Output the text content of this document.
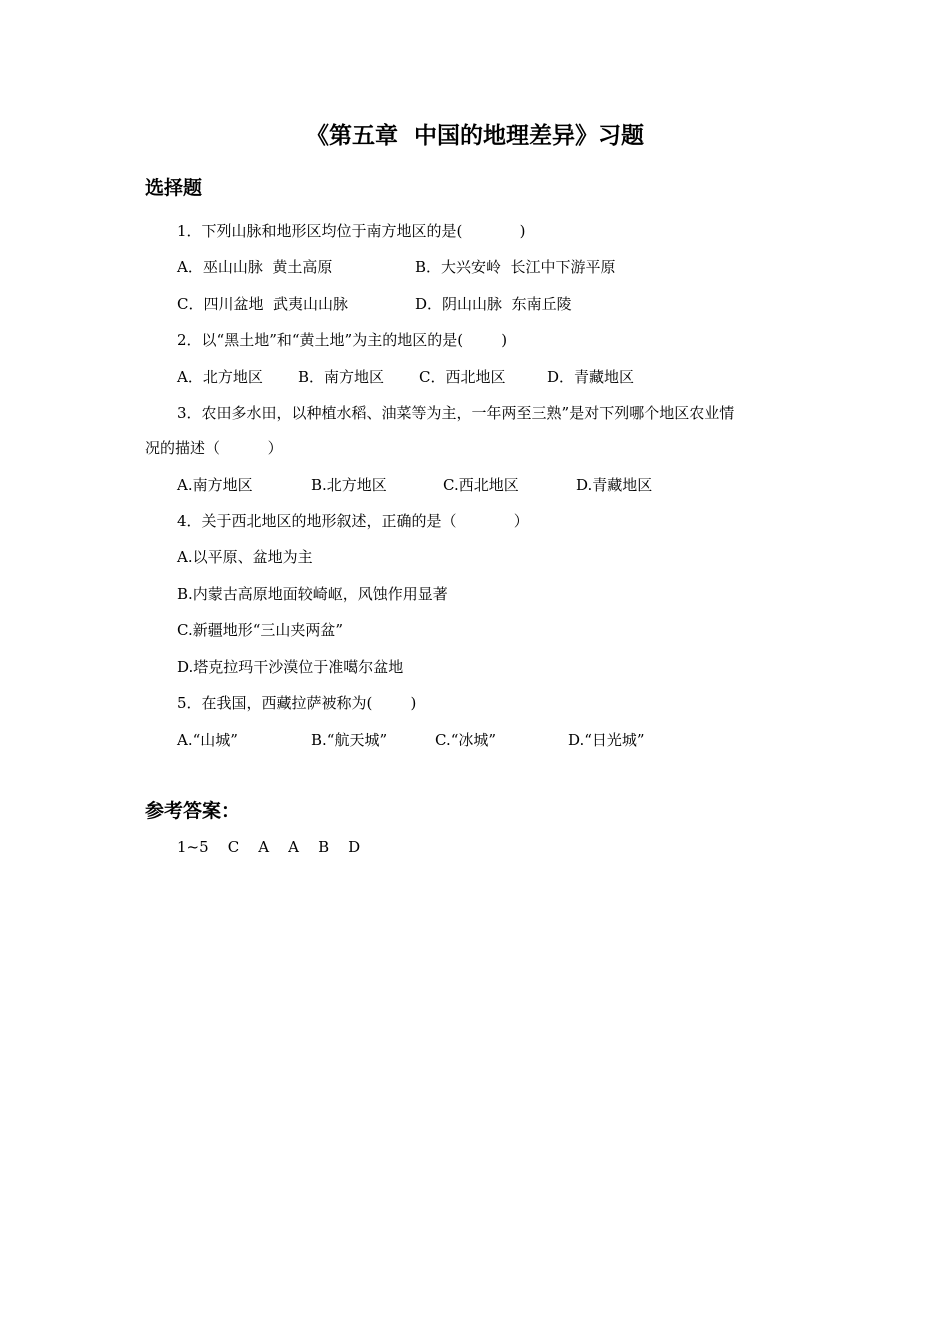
《第五章  中国的地理差异》习题
选择题
1．下列山脉和地形区均位于南方地区的是(            )
A．巫山山脉  黄土高原	B．大兴安岭  长江中下游平原
C．四川盆地  武夷山山脉	D．阴山山脉  东南丘陵
2．以“黑土地”和“黄土地”为主的地区的是(        )
A．北方地区 B．南方地区 C．西北地区	D．青藏地区
3．农田多水田，以种植水稻、油菜等为主，一年两至三熟”是对下列哪个地区农业情
况的描述（          ）
A.南方地区	B.北方地区	C.西北地区	D.青藏地区
4．关于西北地区的地形叙述，正确的是（            ）
A.以平原、盆地为主
B.内蒙古高原地面较崎岖，风蚀作用显著
C.新疆地形“三山夹两盆”
D.塔克拉玛干沙漠位于准噶尔盆地
5．在我国，西藏拉萨被称为(        )
A.“山城”	B.“航天城”	C.“冰城”	D.“日光城”
参考答案：
1~5    C    A    A    B    D
